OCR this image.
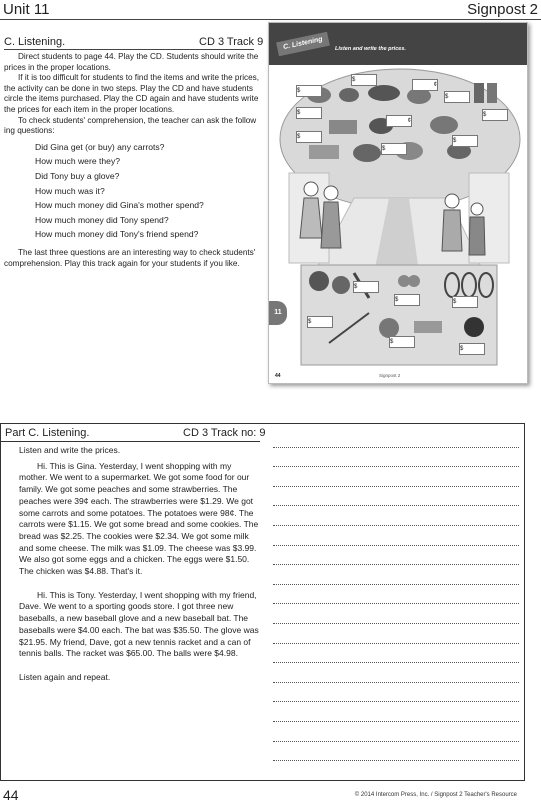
Unit 11	Signpost 2
C. Listening.	CD 3 Track 9

Direct students to page 44. Play the CD. Students should write the prices in the proper locations.

If it is too difficult for students to find the items and write the prices, the activity can be done in two steps. Play the CD and have students circle the items purchased. Play the CD again and have students write the prices for each item in the proper locations.

To check students' comprehension, the teacher can ask the follow ing questions:

Did Gina get (or buy) any carrots?
How much were they?
Did Tony buy a glove?
How much was it?
How much money did Gina's mother spend?
How much money did Tony spend?
How much money did Tony's friend spend?

The last three questions are an interesting way to check students' comprehension. Play this track again for your students if you like.

C. Listening	Listen and write the prices.
$
$
¢
$
$
¢
$
$
$
$
$
$	$
$
$
$
11
44	Signpost 2
Part C. Listening.	CD 3 Track no: 9

Listen and write the prices.

Hi. This is Gina. Yesterday, I went shopping with my mother. We went to a supermarket. We got some food for our family. We got some peaches and some strawberries. The peaches were 39¢ each. The strawberries were $1.29. We got some carrots and some potatoes. The potatoes were 98¢. The carrots were $1.15. We got some bread and some cookies. The bread was $2.25. The cookies were $2.34. We got some milk and some cheese. The milk was $1.09. The cheese was $3.99. We also got some eggs and a chicken. The eggs were $1.50. The chicken was $4.88. That's it.

Hi. This is Tony. Yesterday, I went shopping with my friend, Dave. We went to a sporting goods store. I got three new baseballs, a new baseball glove and a new baseball bat. The baseballs were $4.00 each. The bat was $35.50. The glove was $21.95. My friend, Dave, got a new tennis racket and a can of tennis balls. The racket was $65.00. The balls were $4.98.

Listen again and repeat.

44	© 2014 Intercom Press, Inc. / Signpost 2 Teacher's Resource
